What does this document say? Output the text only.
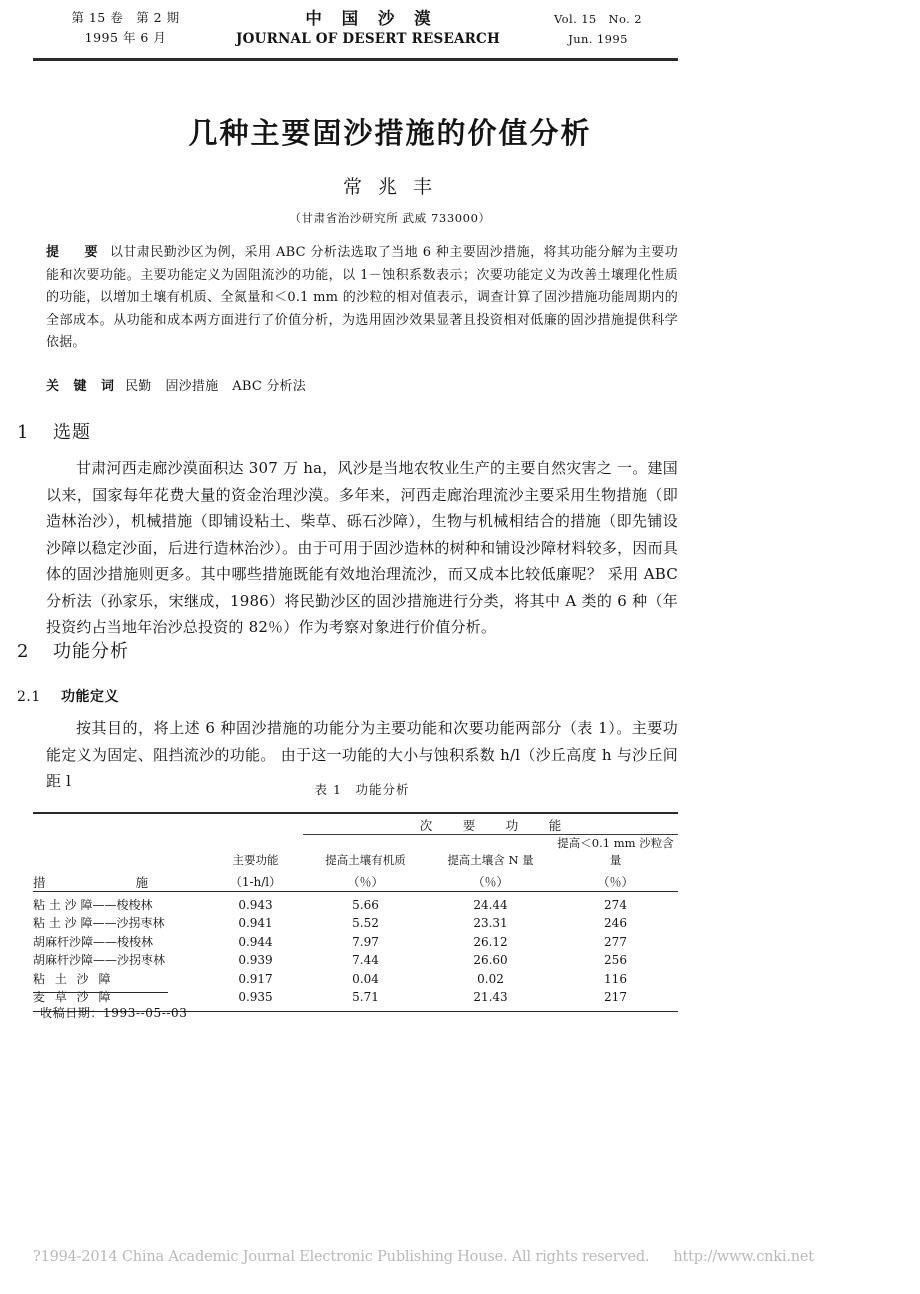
第 15 卷　第 2 期
1995 年 6 月
中 国 沙 漠
JOURNAL OF DESERT RESEARCH
Vol. 15　No. 2
Jun. 1995
几种主要固沙措施的价值分析
常 兆 丰
（甘肃省治沙研究所 武威 733000）
提　要 以甘肃民勤沙区为例，采用 ABC 分析法选取了当地 6 种主要固沙措施，将其功能分解为主要功能和次要功能。主要功能定义为固阻流沙的功能，以 1－蚀积系数表示；次要功能定义为改善土壤理化性质的功能，以增加土壤有机质、全氮量和＜0.1 mm 的沙粒的相对值表示，调查计算了固沙措施功能周期内的全部成本。从功能和成本两方面进行了价值分析，为选用固沙效果显著且投资相对低廉的固沙措施提供科学依据。
关 键 词 民勤 固沙措施 ABC 分析法
1 选题
甘肃河西走廊沙漠面积达 307 万 ha，风沙是当地农牧业生产的主要自然灾害之 一。建国以来，国家每年花费大量的资金治理沙漠。多年来，河西走廊治理流沙主要采用生物措施（即造林治沙），机械措施（即铺设粘土、柴草、砾石沙障），生物与机械相结合的措施（即先铺设沙障以稳定沙面，后进行造林治沙）。由于可用于固沙造林的树种和铺设沙障材料较多，因而具体的固沙措施则更多。其中哪些措施既能有效地治理流沙，而又成本比较低廉呢？ 采用 ABC 分析法（孙家乐，宋继成，1986）将民勤沙区的固沙措施进行分类，将其中 A 类的 6 种（年投资约占当地年治沙总投资的 82％）作为考察对象进行价值分析。
2 功能分析
2.1 功能定义
按其目的，将上述 6 种固沙措施的功能分为主要功能和次要功能两部分（表 1）。主要功能定义为固定、阻挡流沙的功能。 由于这一功能的大小与蚀积系数 h/l（沙丘高度 h 与沙丘间距 l	表 1　功能分析
		次　要　功　能		
措　　　　施	主要功能	提高土壤有机质	提高土壤含 N 量	提高＜0.1 mm 沙粒含量
	（1-h/l）	（％）	（％）	（％）
粘 土 沙 障——梭梭林	0.943	5.66	24.44	274
粘 土 沙 障——沙拐枣林	0.941	5.52	23.31	246
胡麻杆沙障——梭梭林	0.944	7.97	26.12	277
胡麻杆沙障——沙拐枣林	0.939	7.44	26.60	256
粘 土 沙 障	0.917	0.04	0.02	116
麦 草 沙 障	0.935	5.71	21.43	217
收稿日期：1993--05--03
?1994-2014 China Academic Journal Electronic Publishing House. All rights reserved. http://www.cnki.net
